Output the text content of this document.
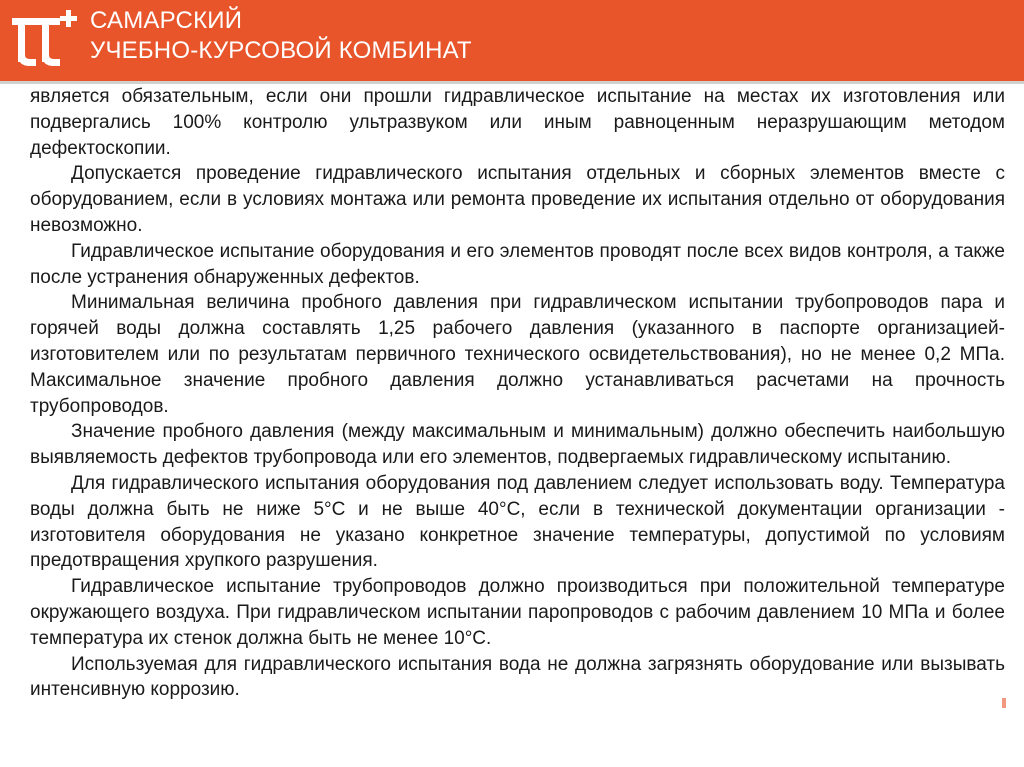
САМАРСКИЙ
УЧЕБНО-КУРСОВОЙ КОМБИНАТ

является обязательным, если они прошли гидравлическое испытание на местах их изготовления или подвергались 100% контролю ультразвуком или иным равноценным неразрушающим методом дефектоскопии.

Допускается проведение гидравлического испытания отдельных и сборных элементов вместе с оборудованием, если в условиях монтажа или ремонта проведение их испытания отдельно от оборудования невозможно.

Гидравлическое испытание оборудования и его элементов проводят после всех видов контроля, а также после устранения обнаруженных дефектов.

Минимальная величина пробного давления при гидравлическом испытании трубопроводов пара и горячей воды должна составлять 1,25 рабочего давления (указанного в паспорте организацией-изготовителем или по результатам первичного технического освидетельствования), но не менее 0,2 МПа. Максимальное значение пробного давления должно устанавливаться расчетами на прочность трубопроводов.

Значение пробного давления (между максимальным и минимальным) должно обеспечить наибольшую выявляемость дефектов трубопровода или его элементов, подвергаемых гидравлическому испытанию.

Для гидравлического испытания оборудования под давлением следует использовать воду. Температура воды должна быть не ниже 5°С и не выше 40°С, если в технической документации организации - изготовителя оборудования не указано конкретное значение температуры, допустимой по условиям предотвращения хрупкого разрушения.

Гидравлическое испытание трубопроводов должно производиться при положительной температуре окружающего воздуха. При гидравлическом испытании паропроводов с рабочим давлением 10 МПа и более температура их стенок должна быть не менее 10°С.

Используемая для гидравлического испытания вода не должна загрязнять оборудование или вызывать интенсивную коррозию.
